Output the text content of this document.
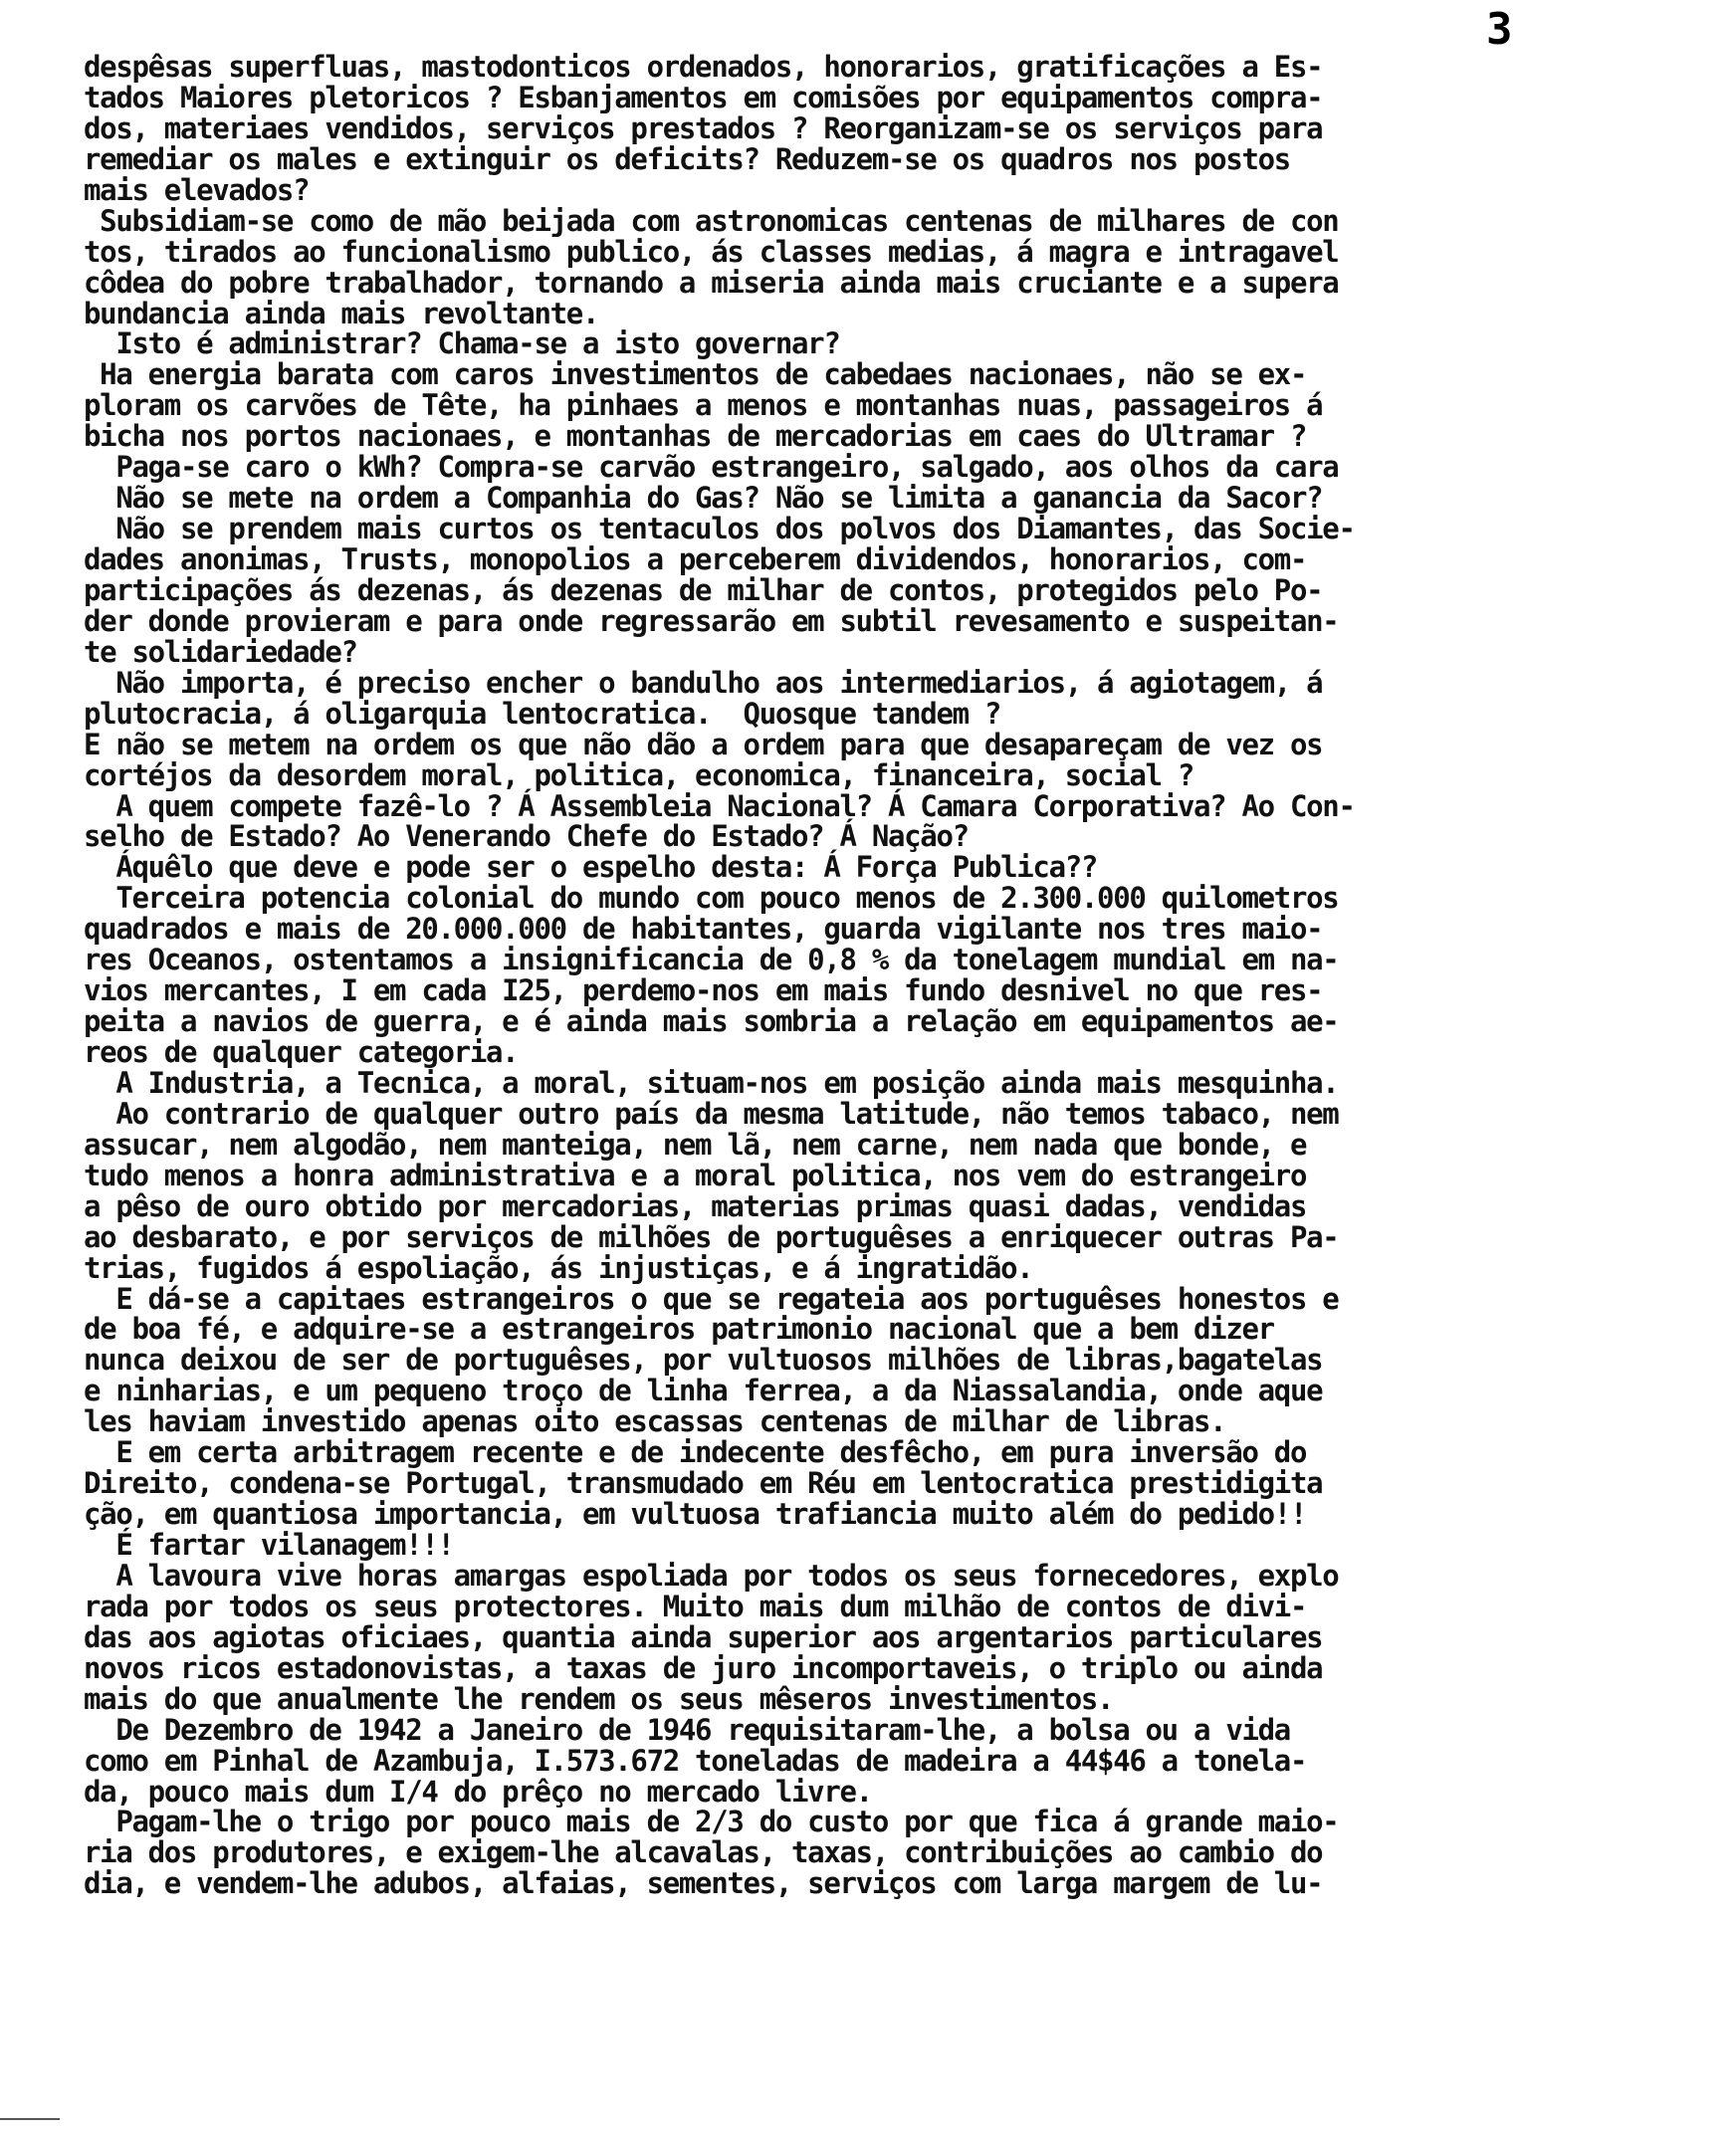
3
despêsas superfluas, mastodonticos ordenados, honorarios, gratificações a Es-
tados Maiores pletoricos ? Esbanjamentos em comisões por equipamentos compra-
dos, materiaes vendidos, serviços prestados ? Reorganizam-se os serviços para
remediar os males e extinguir os deficits? Reduzem-se os quadros nos postos
mais elevados?
Subsidiam-se como de mão beijada com astronomicas centenas de milhares de con
tos, tirados ao funcionalismo publico, ás classes medias, á magra e intragavel
côdea do pobre trabalhador, tornando a miseria ainda mais cruciante e a supera
bundancia ainda mais revoltante.
Isto é administrar? Chama-se a isto governar?
Ha energia barata com caros investimentos de cabedaes nacionaes, não se ex-
ploram os carvões de Tête, ha pinhaes a menos e montanhas nuas, passageiros á
bicha nos portos nacionaes, e montanhas de mercadorias em caes do Ultramar ?
Paga-se caro o kWh? Compra-se carvão estrangeiro, salgado, aos olhos da cara
Não se mete na ordem a Companhia do Gas? Não se limita a ganancia da Sacor?
Não se prendem mais curtos os tentaculos dos polvos dos Diamantes, das Socie-
dades anonimas, Trusts, monopolios a perceberem dividendos, honorarios, com-
participações ás dezenas, ás dezenas de milhar de contos, protegidos pelo Po-
der donde provieram e para onde regressarão em subtil revesamento e suspeitan-
te solidariedade?
Não importa, é preciso encher o bandulho aos intermediarios, á agiotagem, á
plutocracia, á oligarquia lentocratica.  Quosque tandem ?
E não se metem na ordem os que não dão a ordem para que desapareçam de vez os
cortéjos da desordem moral, politica, economica, financeira, social ?
A quem compete fazê-lo ? Á Assembleia Nacional? Á Camara Corporativa? Ao Con-
selho de Estado? Ao Venerando Chefe do Estado? Á Nação?
Áquêlo que deve e pode ser o espelho desta: Á Força Publica??
Terceira potencia colonial do mundo com pouco menos de 2.300.000 quilometros
quadrados e mais de 20.000.000 de habitantes, guarda vigilante nos tres maio-
res Oceanos, ostentamos a insignificancia de 0,8 % da tonelagem mundial em na-
vios mercantes, I em cada I25, perdemo-nos em mais fundo desnivel no que res-
peita a navios de guerra, e é ainda mais sombria a relação em equipamentos ae-
reos de qualquer categoria.
A Industria, a Tecnica, a moral, situam-nos em posição ainda mais mesquinha.
Ao contrario de qualquer outro país da mesma latitude, não temos tabaco, nem
assucar, nem algodão, nem manteiga, nem lã, nem carne, nem nada que bonde, e
tudo menos a honra administrativa e a moral politica, nos vem do estrangeiro
a pêso de ouro obtido por mercadorias, materias primas quasi dadas, vendidas
ao desbarato, e por serviços de milhões de portuguêses a enriquecer outras Pa-
trias, fugidos á espoliação, ás injustiças, e á ingratidão.
E dá-se a capitaes estrangeiros o que se regateia aos portuguêses honestos e
de boa fé, e adquire-se a estrangeiros patrimonio nacional que a bem dizer
nunca deixou de ser de portuguêses, por vultuosos milhões de libras,bagatelas
e ninharias, e um pequeno troço de linha ferrea, a da Niassalandia, onde aque
les haviam investido apenas oito escassas centenas de milhar de libras.
E em certa arbitragem recente e de indecente desfêcho, em pura inversão do
Direito, condena-se Portugal, transmudado em Réu em lentocratica prestidigita
ção, em quantiosa importancia, em vultuosa trafiancia muito além do pedido!!
É fartar vilanagem!!!
A lavoura vive horas amargas espoliada por todos os seus fornecedores, explo
rada por todos os seus protectores. Muito mais dum milhão de contos de divi-
das aos agiotas oficiaes, quantia ainda superior aos argentarios particulares
novos ricos estadonovistas, a taxas de juro incomportaveis, o triplo ou ainda
mais do que anualmente lhe rendem os seus mêseros investimentos.
De Dezembro de 1942 a Janeiro de 1946 requisitaram-lhe, a bolsa ou a vida
como em Pinhal de Azambuja, I.573.672 toneladas de madeira a 44$46 a tonela-
da, pouco mais dum I/4 do prêço no mercado livre.
Pagam-lhe o trigo por pouco mais de 2/3 do custo por que fica á grande maio-
ria dos produtores, e exigem-lhe alcavalas, taxas, contribuições ao cambio do
dia, e vendem-lhe adubos, alfaias, sementes, serviços com larga margem de lu-
